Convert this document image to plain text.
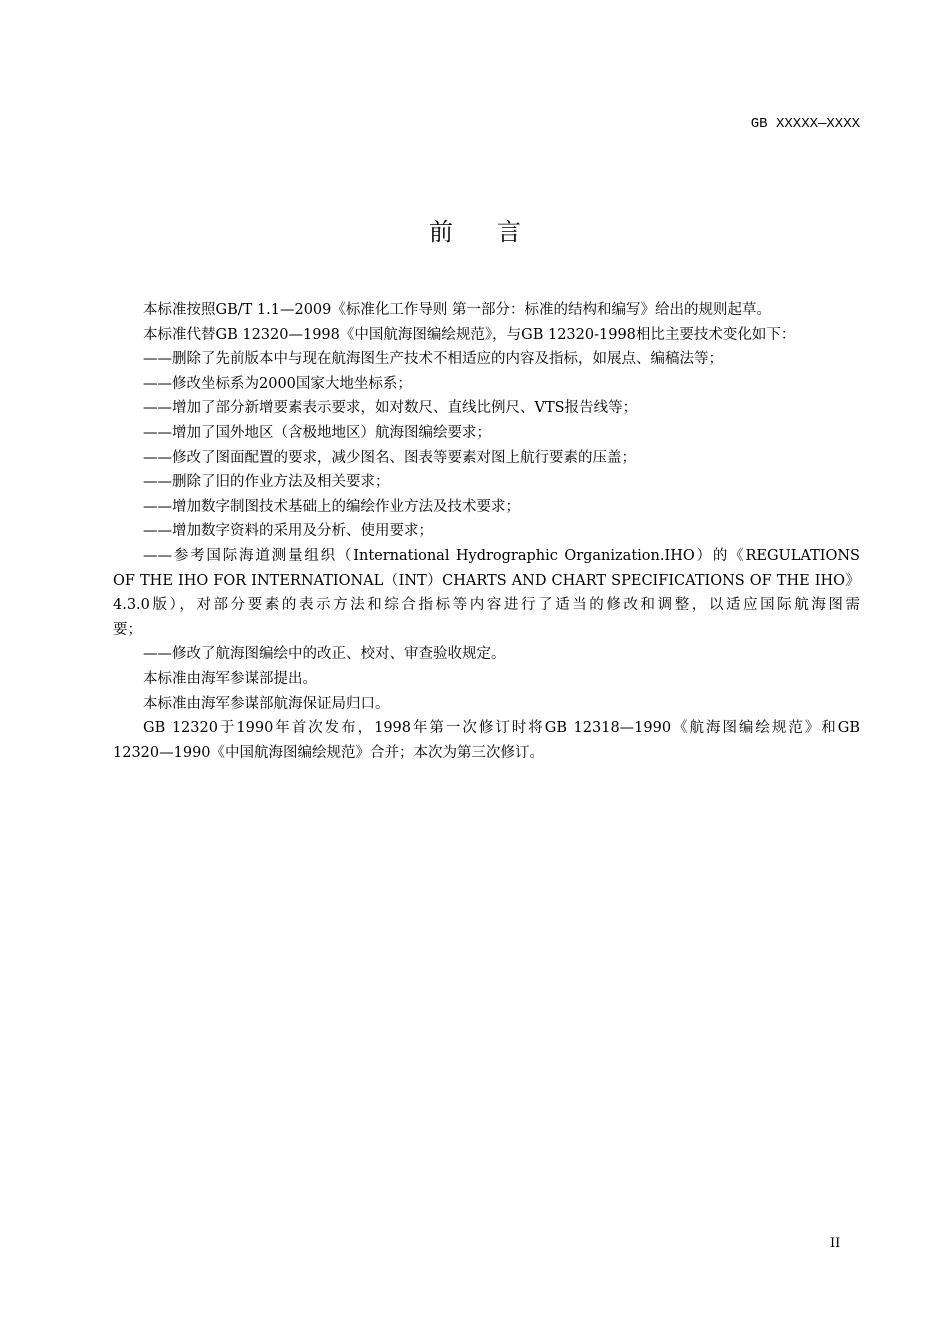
GB XXXXX—XXXX
前言
本标准按照GB/T 1.1—2009《标准化工作导则 第一部分：标准的结构和编写》给出的规则起草。
本标准代替GB 12320—1998《中国航海图编绘规范》，与GB 12320-1998相比主要技术变化如下：
——删除了先前版本中与现在航海图生产技术不相适应的内容及指标，如展点、编稿法等；
——修改坐标系为2000国家大地坐标系；
——增加了部分新增要素表示要求，如对数尺、直线比例尺、VTS报告线等；
——增加了国外地区（含极地地区）航海图编绘要求；
——修改了图面配置的要求，减少图名、图表等要素对图上航行要素的压盖；
——删除了旧的作业方法及相关要求；
——增加数字制图技术基础上的编绘作业方法及技术要求；
——增加数字资料的采用及分析、使用要求；
——参考国际海道测量组织（International Hydrographic Organization.IHO）的《REGULATIONS
OF THE IHO FOR INTERNATIONAL（INT）CHARTS AND CHART SPECIFICATIONS OF THE IHO》
4.3.0版），对部分要素的表示方法和综合指标等内容进行了适当的修改和调整，以适应国际航海图需
要；
——修改了航海图编绘中的改正、校对、审查验收规定。
本标准由海军参谋部提出。
本标准由海军参谋部航海保证局归口。
GB 12320于1990年首次发布，1998年第一次修订时将GB 12318—1990《航海图编绘规范》和GB
12320—1990《中国航海图编绘规范》合并；本次为第三次修订。
II
